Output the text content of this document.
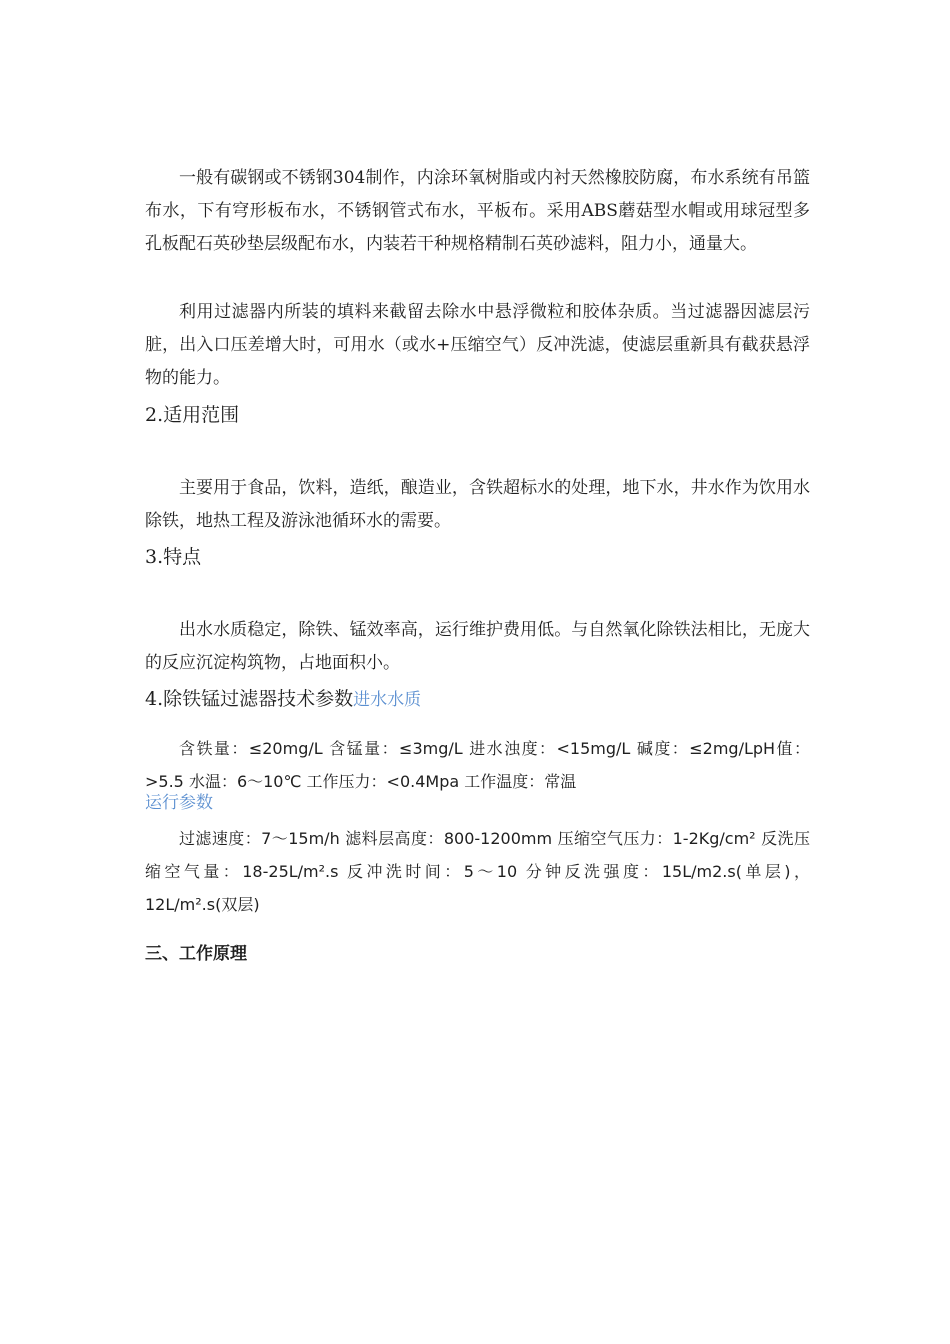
一般有碳钢或不锈钢304制作，内涂环氧树脂或内衬天然橡胶防腐，布水系统有吊篮布水，下有穹形板布水，不锈钢管式布水，平板布。采用ABS蘑菇型水帽或用球冠型多孔板配石英砂垫层级配布水，内装若干种规格精制石英砂滤料，阻力小，通量大。

利用过滤器内所装的填料来截留去除水中悬浮微粒和胶体杂质。当过滤器因滤层污脏，出入口压差增大时，可用水（或水+压缩空气）反冲洗滤，使滤层重新具有截获悬浮物的能力。

2.适用范围

主要用于食品，饮料，造纸，酿造业，含铁超标水的处理，地下水，井水作为饮用水除铁，地热工程及游泳池循环水的需要。

3.特点

出水水质稳定，除铁、锰效率高，运行维护费用低。与自然氧化除铁法相比，无庞大的反应沉淀构筑物，占地面积小。

4.除铁锰过滤器技术参数进水水质

含铁量：≤20mg/L 含锰量：≤3mg/L 进水浊度：<15mg/L 碱度：≤2mg/LpH值：>5.5 水温：6～10℃ 工作压力：<0.4Mpa 工作温度：常温

运行参数

过滤速度：7～15m/h 滤料层高度：800-1200mm 压缩空气压力：1-2Kg/cm² 反洗压缩空气量：18-25L/m².s 反冲洗时间：5～10 分钟反洗强度：15L/m2.s(单层)，12L/m².s(双层)

三、工作原理
